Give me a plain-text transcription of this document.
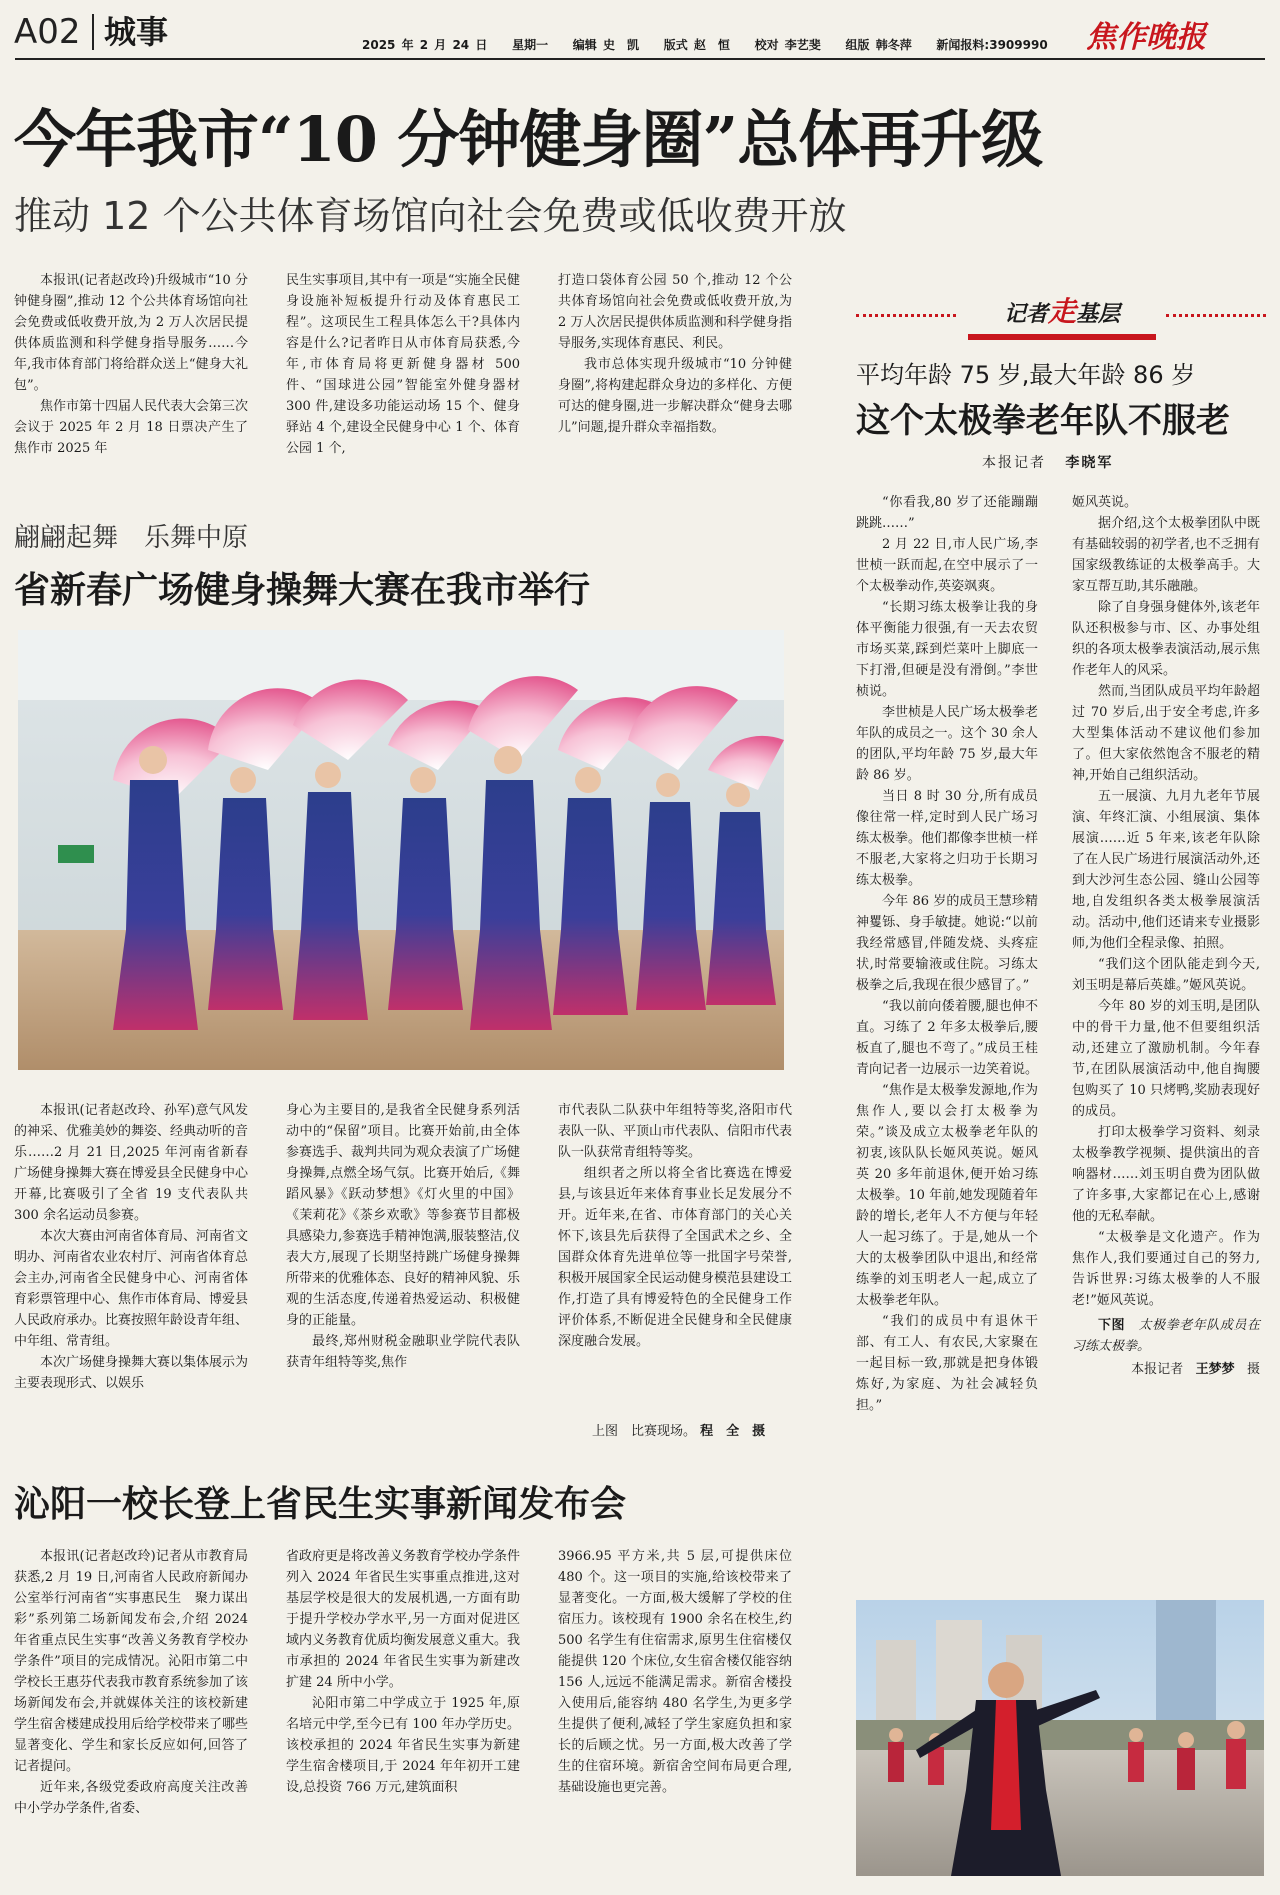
A02 城事	2025 年 2 月 24 日 星期一 编辑 史　凯 版式 赵　恒 校对 李艺斐 组版 韩冬萍 新闻报料:3909990 焦作晚报
今年我市“10 分钟健身圈”总体再升级
推动 12 个公共体育场馆向社会免费或低收费开放

本报讯(记者赵改玲)升级城市“10 分钟健身圈”,推动 12 个公共体育场馆向社会免费或低收费开放,为 2 万人次居民提供体质监测和科学健身指导服务……今年,我市体育部门将给群众送上“健身大礼包”。

焦作市第十四届人民代表大会第三次会议于 2025 年 2 月 18 日票决产生了焦作市 2025 年

民生实事项目,其中有一项是“实施全民健身设施补短板提升行动及体育惠民工程”。这项民生工程具体怎么干?具体内容是什么?记者昨日从市体育局获悉,今年,市体育局将更新健身器材 500 件、“国球进公园”智能室外健身器材 300 件,建设多功能运动场 15 个、健身驿站 4 个,建设全民健身中心 1 个、体育公园 1 个,

打造口袋体育公园 50 个,推动 12 个公共体育场馆向社会免费或低收费开放,为 2 万人次居民提供体质监测和科学健身指导服务,实现体育惠民、利民。

我市总体实现升级城市“10 分钟健身圈”,将构建起群众身边的多样化、方便可达的健身圈,进一步解决群众“健身去哪儿”问题,提升群众幸福指数。

翩翩起舞　乐舞中原
省新春广场健身操舞大赛在我市举行

本报讯(记者赵改玲、孙军)意气风发的神采、优雅美妙的舞姿、经典动听的音乐……2 月 21 日,2025 年河南省新春广场健身操舞大赛在博爱县全民健身中心开幕,比赛吸引了全省 19 支代表队共 300 余名运动员参赛。

本次大赛由河南省体育局、河南省文明办、河南省农业农村厅、河南省体育总会主办,河南省全民健身中心、河南省体育彩票管理中心、焦作市体育局、博爱县人民政府承办。比赛按照年龄设青年组、中年组、常青组。

本次广场健身操舞大赛以集体展示为主要表现形式、以娱乐

身心为主要目的,是我省全民健身系列活动中的“保留”项目。比赛开始前,由全体参赛选手、裁判共同为观众表演了广场健身操舞,点燃全场气氛。比赛开始后,《舞蹈风暴》《跃动梦想》《灯火里的中国》《茉莉花》《茶乡欢歌》等参赛节目都极具感染力,参赛选手精神饱满,服装整洁,仪表大方,展现了长期坚持跳广场健身操舞所带来的优雅体态、良好的精神风貌、乐观的生活态度,传递着热爱运动、积极健身的正能量。

最终,郑州财税金融职业学院代表队获青年组特等奖,焦作

市代表队二队获中年组特等奖,洛阳市代表队一队、平顶山市代表队、信阳市代表队一队获常青组特等奖。

组织者之所以将全省比赛选在博爱县,与该县近年来体育事业长足发展分不开。近年来,在省、市体育部门的关心关怀下,该县先后获得了全国武术之乡、全国群众体育先进单位等一批国字号荣誉,积极开展国家全民运动健身模范县建设工作,打造了具有博爱特色的全民健身工作评价体系,不断促进全民健身和全民健康深度融合发展。

上图　比赛现场。 程　全　摄
沁阳一校长登上省民生实事新闻发布会

本报讯(记者赵改玲)记者从市教育局获悉,2 月 19 日,河南省人民政府新闻办公室举行河南省“实事惠民生　聚力谋出彩”系列第二场新闻发布会,介绍 2024 年省重点民生实事“改善义务教育学校办学条件”项目的完成情况。沁阳市第二中学校长王惠芬代表我市教育系统参加了该场新闻发布会,并就媒体关注的该校新建学生宿舍楼建成投用后给学校带来了哪些显著变化、学生和家长反应如何,回答了记者提问。

近年来,各级党委政府高度关注改善中小学办学条件,省委、

省政府更是将改善义务教育学校办学条件列入 2024 年省民生实事重点推进,这对基层学校是很大的发展机遇,一方面有助于提升学校办学水平,另一方面对促进区域内义务教育优质均衡发展意义重大。我市承担的 2024 年省民生实事为新建改扩建 24 所中小学。

沁阳市第二中学成立于 1925 年,原名培元中学,至今已有 100 年办学历史。该校承担的 2024 年省民生实事为新建学生宿舍楼项目,于 2024 年年初开工建设,总投资 766 万元,建筑面积

3966.95 平方米,共 5 层,可提供床位 480 个。这一项目的实施,给该校带来了显著变化。一方面,极大缓解了学校的住宿压力。该校现有 1900 余名在校生,约 500 名学生有住宿需求,原男生住宿楼仅能提供 120 个床位,女生宿舍楼仅能容纳 156 人,远远不能满足需求。新宿舍楼投入使用后,能容纳 480 名学生,为更多学生提供了便利,减轻了学生家庭负担和家长的后顾之忧。另一方面,极大改善了学生的住宿环境。新宿舍空间布局更合理,基础设施也更完善。

记者走基层
平均年龄 75 岁,最大年龄 86 岁
这个太极拳老年队不服老
本报记者 李晓军

“你看我,80 岁了还能蹦蹦跳跳……”

2 月 22 日,市人民广场,李世桢一跃而起,在空中展示了一个太极拳动作,英姿飒爽。

“长期习练太极拳让我的身体平衡能力很强,有一天去农贸市场买菜,踩到烂菜叶上脚底一下打滑,但硬是没有滑倒。”李世桢说。

李世桢是人民广场太极拳老年队的成员之一。这个 30 余人的团队,平均年龄 75 岁,最大年龄 86 岁。

当日 8 时 30 分,所有成员像往常一样,定时到人民广场习练太极拳。他们都像李世桢一样不服老,大家将之归功于长期习练太极拳。

今年 86 岁的成员王慧珍精神矍铄、身手敏捷。她说:“以前我经常感冒,伴随发烧、头疼症状,时常要输液或住院。习练太极拳之后,我现在很少感冒了。”

“我以前向倭着腰,腿也伸不直。习练了 2 年多太极拳后,腰板直了,腿也不弯了。”成员王桂青向记者一边展示一边笑着说。

“焦作是太极拳发源地,作为焦作人,要以会打太极拳为荣。”谈及成立太极拳老年队的初衷,该队队长姬风英说。姬风英 20 多年前退休,便开始习练太极拳。10 年前,她发现随着年龄的增长,老年人不方便与年轻人一起习练了。于是,她从一个大的太极拳团队中退出,和经常练拳的刘玉明老人一起,成立了太极拳老年队。

“我们的成员中有退休干部、有工人、有农民,大家聚在一起目标一致,那就是把身体锻炼好,为家庭、为社会减轻负担。”

姬风英说。

据介绍,这个太极拳团队中既有基础较弱的初学者,也不乏拥有国家级教练证的太极拳高手。大家互帮互助,其乐融融。

除了自身强身健体外,该老年队还积极参与市、区、办事处组织的各项太极拳表演活动,展示焦作老年人的风采。

然而,当团队成员平均年龄超过 70 岁后,出于安全考虑,许多大型集体活动不建议他们参加了。但大家依然饱含不服老的精神,开始自己组织活动。

五一展演、九月九老年节展演、年终汇演、小组展演、集体展演……近 5 年来,该老年队除了在人民广场进行展演活动外,还到大沙河生态公园、缝山公园等地,自发组织各类太极拳展演活动。活动中,他们还请来专业摄影师,为他们全程录像、拍照。

“我们这个团队能走到今天,刘玉明是幕后英雄。”姬风英说。

今年 80 岁的刘玉明,是团队中的骨干力量,他不但要组织活动,还建立了激励机制。今年春节,在团队展演活动中,他自掏腰包购买了 10 只烤鸭,奖励表现好的成员。

打印太极拳学习资料、刻录太极拳教学视频、提供演出的音响器材……刘玉明自费为团队做了许多事,大家都记在心上,感谢他的无私奉献。

“太极拳是文化遗产。作为焦作人,我们要通过自己的努力,告诉世界:习练太极拳的人不服老!”姬风英说。

下图　 太极拳老年队成员在习练太极拳。
本报记者 王梦梦 摄
